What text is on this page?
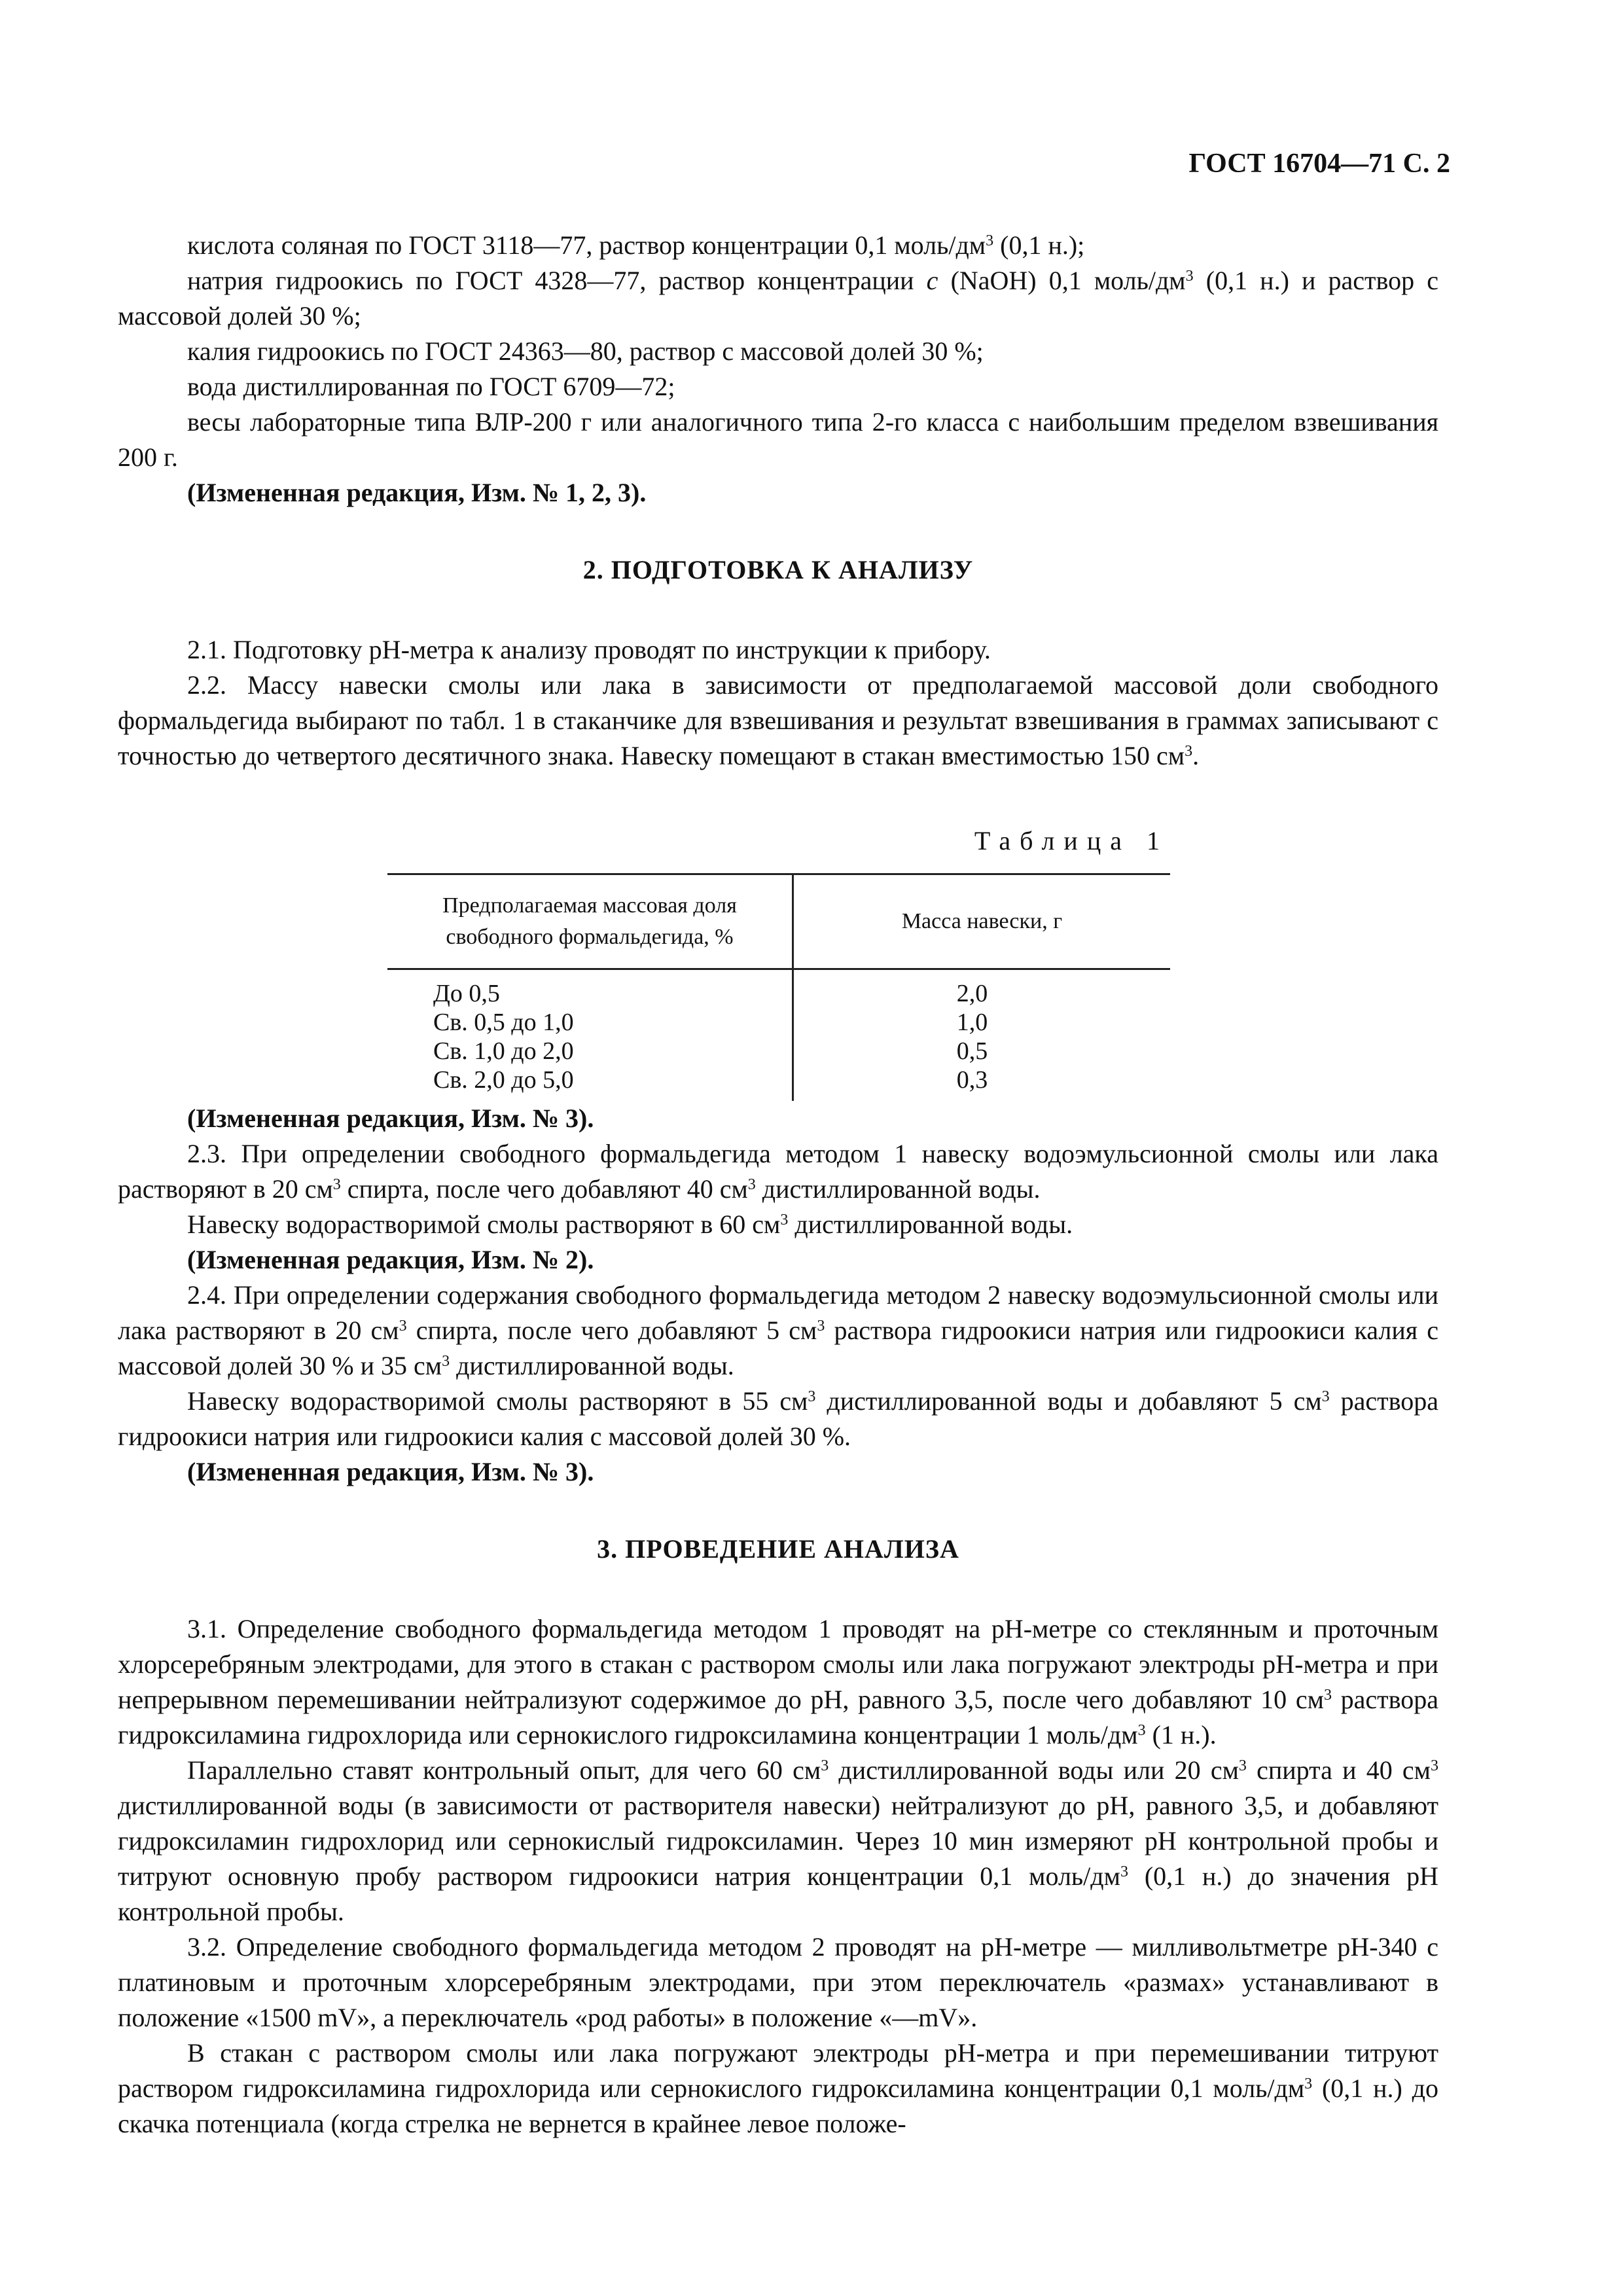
ГОСТ 16704—71 С. 2

кислота соляная по ГОСТ 3118—77, раствор концентрации 0,1 моль/$дм^3$ (0,1 н.);

натрия гидроокись по ГОСТ 4328—77, раствор концентрации c (NaOH) 0,1 моль/$дм^3$ (0,1 н.) и раствор с массовой долей 30 %;

калия гидроокись по ГОСТ 24363—80, раствор с массовой долей 30 %;

вода дистиллированная по ГОСТ 6709—72;

весы лабораторные типа ВЛР-200 г или аналогичного типа 2-го класса с наибольшим пределом взвешивания 200 г.

(Измененная редакция, Изм. № 1, 2, 3).

2. ПОДГОТОВКА К АНАЛИЗУ

2.1. Подготовку рН-метра к анализу проводят по инструкции к прибору.

2.2. Массу навески смолы или лака в зависимости от предполагаемой массовой доли свободного формальдегида выбирают по табл. 1 в стаканчике для взвешивания и результат взвешивания в граммах записывают с точностью до четвертого десятичного знака. Навеску помещают в стакан вместимостью 150 $см^3$.

Таблица 1
Предполагаемая массовая доля свободного формальдегида, %	Масса навески, г
До 0,5	2,0
Св. 0,5 до 1,0	1,0
Св. 1,0 до 2,0	0,5
Св. 2,0 до 5,0	0,3

(Измененная редакция, Изм. № 3).

2.3. При определении свободного формальдегида методом 1 навеску водоэмульсионной смолы или лака растворяют в 20 $см^3$ спирта, после чего добавляют 40 $см^3$ дистиллированной воды.

Навеску водорастворимой смолы растворяют в 60 $см^3$ дистиллированной воды.

(Измененная редакция, Изм. № 2).

2.4. При определении содержания свободного формальдегида методом 2 навеску водоэмульсионной смолы или лака растворяют в 20 $см^3$ спирта, после чего добавляют 5 $см^3$ раствора гидроокиси натрия или гидроокиси калия с массовой долей 30 % и 35 $см^3$ дистиллированной воды.

Навеску водорастворимой смолы растворяют в 55 $см^3$ дистиллированной воды и добавляют 5 $см^3$ раствора гидроокиси натрия или гидроокиси калия с массовой долей 30 %.

(Измененная редакция, Изм. № 3).

3. ПРОВЕДЕНИЕ АНАЛИЗА

3.1. Определение свободного формальдегида методом 1 проводят на рН-метре со стеклянным и проточным хлорсеребряным электродами, для этого в стакан с раствором смолы или лака погружают электроды рН-метра и при непрерывном перемешивании нейтрализуют содержимое до рН, равного 3,5, после чего добавляют 10 $см^3$ раствора гидроксиламина гидрохлорида или сернокислого гидроксиламина концентрации 1 моль/$дм^3$ (1 н.).

Параллельно ставят контрольный опыт, для чего 60 $см^3$ дистиллированной воды или 20 $см^3$ спирта и 40 $см^3$ дистиллированной воды (в зависимости от растворителя навески) нейтрализуют до рН, равного 3,5, и добавляют гидроксиламин гидрохлорид или сернокислый гидроксиламин. Через 10 мин измеряют рН контрольной пробы и титруют основную пробу раствором гидроокиси натрия концентрации 0,1 моль/$дм^3$ (0,1 н.) до значения рН контрольной пробы.

3.2. Определение свободного формальдегида методом 2 проводят на рН-метре — милливольтметре рН-340 с платиновым и проточным хлорсеребряным электродами, при этом переключатель «размах» устанавливают в положение «1500 mV», а переключатель «род работы» в положение «—mV».

В стакан с раствором смолы или лака погружают электроды рН-метра и при перемешивании титруют раствором гидроксиламина гидрохлорида или сернокислого гидроксиламина концентрации 0,1 моль/$дм^3$ (0,1 н.) до скачка потенциала (когда стрелка не вернется в крайнее левое положе-
